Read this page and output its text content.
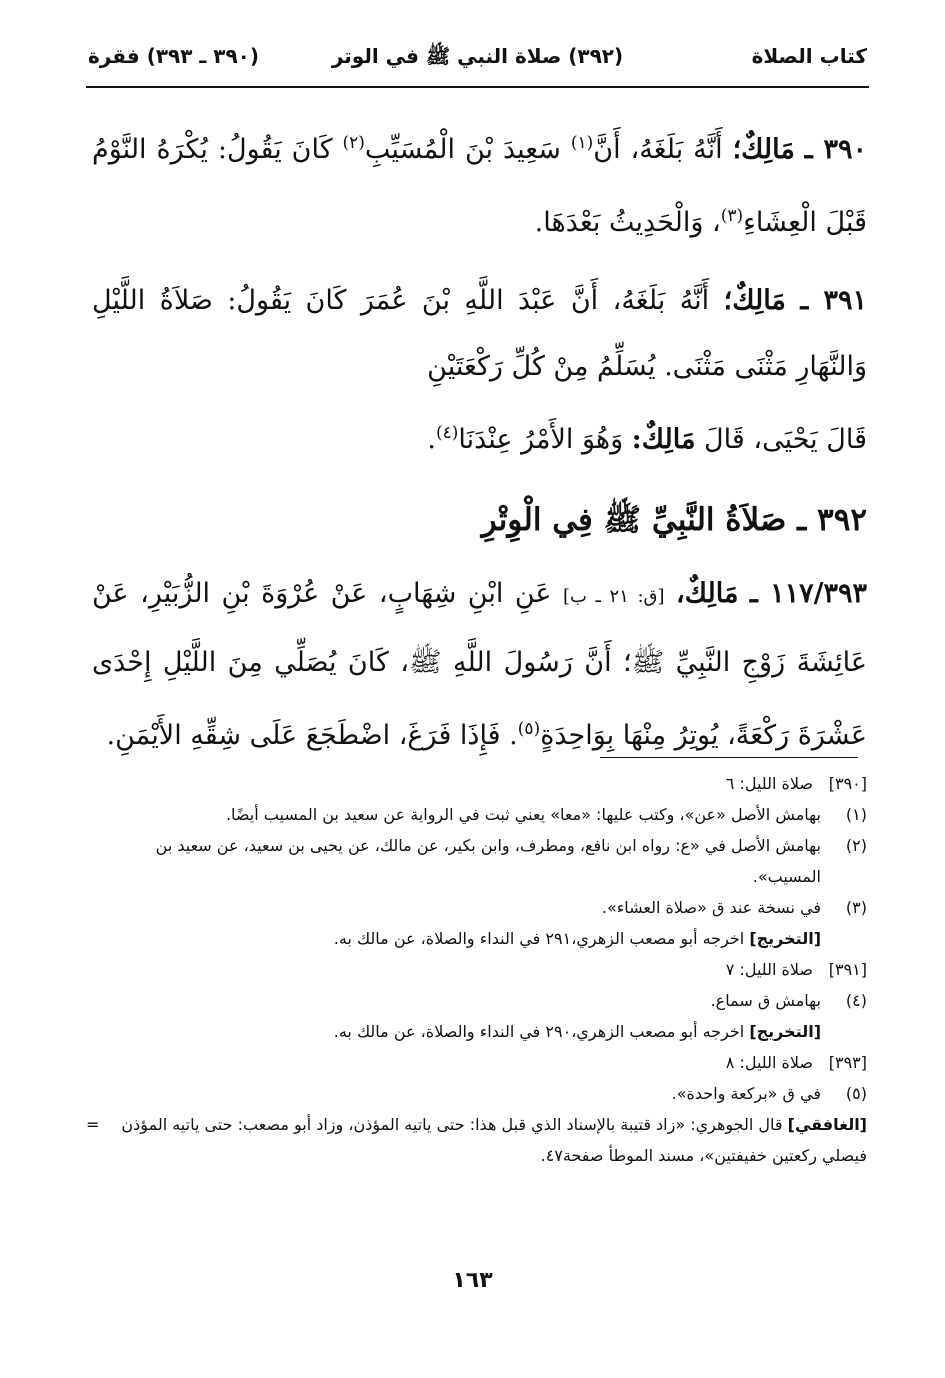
كتاب الصلاة
(٣٩٢) صلاة النبي ﷺ في الوتر
(٣٩٠ ـ ٣٩٣) فقرة

٣٩٠ ـ مَالِكٌ؛ أَنَّهُ بَلَغَهُ، أَنَّ$^{(١)}$ سَعِيدَ بْنَ الْمُسَيِّبِ$^{(٢)}$ كَانَ يَقُولُ: يُكْرَهُ النَّوْمُ قَبْلَ الْعِشَاءِ$^{(٣)}$، وَالْحَدِيثُ بَعْدَهَا.

٣٩١ ـ مَالِكٌ؛ أَنَّهُ بَلَغَهُ، أَنَّ عَبْدَ اللَّهِ بْنَ عُمَرَ كَانَ يَقُولُ: صَلاَةُ اللَّيْلِ وَالنَّهَارِ مَثْنَى مَثْنَى. يُسَلِّمُ مِنْ كُلِّ رَكْعَتَيْنِ

قَالَ يَحْيَى، قَالَ مَالِكٌ: وَهُوَ الأَمْرُ عِنْدَنَا$^{(٤)}$.

٣٩٢ ـ صَلاَةُ النَّبِيِّ ﷺ فِي الْوِتْرِ

١١٧/٣٩٣ ـ مَالِكٌ، [ق: ٢١ ـ ب] عَنِ ابْنِ شِهَابٍ، عَنْ عُرْوَةَ بْنِ الزُّبَيْرِ، عَنْ عَائِشَةَ زَوْجِ النَّبِيِّ ﷺ؛ أَنَّ رَسُولَ اللَّهِ ﷺ، كَانَ يُصَلِّي مِنَ اللَّيْلِ إِحْدَى عَشْرَةَ رَكْعَةً، يُوتِرُ مِنْهَا بِوَاحِدَةٍ$^{(٥)}$. فَإِذَا فَرَغَ، اضْطَجَعَ عَلَى شِقِّهِ الأَيْمَنِ.

[٣٩٠]
صلاة الليل: ٦
(١)
بهامش الأصل «عن»، وكتب عليها: «معا» يعني ثبت في الرواية عن سعيد بن المسيب أيضًا.
(٢)
بهامش الأصل في «ع: رواه ابن نافع، ومطرف، وابن بكير، عن مالك، عن يحيى بن سعيد، عن سعيد بن المسيب».
(٣)
في نسخة عند ق «صلاة العشاء».
[التخريج] اخرجه أبو مصعب الزهري،٢٩١ في النداء والصلاة، عن مالك به.
[٣٩١]
صلاة الليل: ٧
(٤)
بهامش ق سماع.
[التخريج] اخرجه أبو مصعب الزهري،٢٩٠ في النداء والصلاة، عن مالك به.
[٣٩٣]
صلاة الليل: ٨
(٥)
في ق «بركعة واحدة».
[الغافقي] قال الجوهري: «زاد قتيبة بالإسناد الذي قبل هذا: حتى ياتيه المؤذن، وزاد أبو مصعب: حتى ياتيه المؤذن فيصلي ركعتين خفيفتين»، مسند الموطأ صفحة٤٧.
=
١٦٣
